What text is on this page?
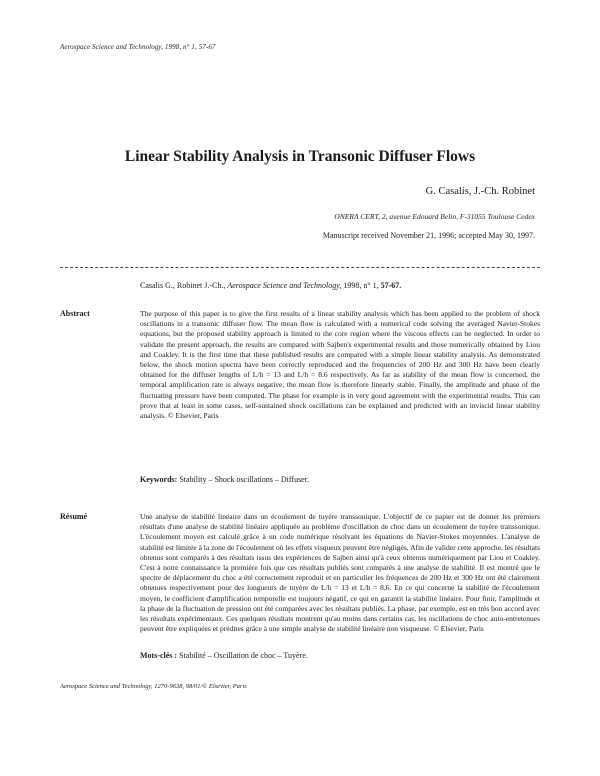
Aerospace Science and Technology, 1998, n° 1, 57-67
Linear Stability Analysis in Transonic Diffuser Flows
G. Casalis, J.-Ch. Robinet
ONERA CERT, 2, avenue Edouard Belin, F-31055 Toulouse Cedex
Manuscript received November 21, 1996; accepted May 30, 1997.
Casalis G., Robinet J.-Ch., Aerospace Science and Technology, 1998, n° 1, 57-67.
Abstract	The purpose of this paper is to give the first results of a linear stability analysis which has been applied to the problem of shock oscillations in a transonic diffuser flow. The mean flow is calculated with a numerical code solving the averaged Navier-Stokes equations, but the proposed stability approach is limited to the core region where the viscous effects can be neglected. In order to validate the present approach, the results are compared with Sajben's experimental results and those numerically obtained by Liou and Coakley. It is the first time that these published results are compared with a simple linear stability analysis. As demonstrated below, the shock motion spectra have been correctly reproduced and the frequencies of 200 Hz and 300 Hz have been clearly obtained for the diffuser lengths of L/h = 13 and L/h = 8.6 respectively. As far as stability of the mean flow is concerned, the temporal amplification rate is always negative, the mean flow is therefore linearly stable. Finally, the amplitude and phase of the fluctuating pressure have been computed. The phase for example is in very good agreement with the experimental results. This can prove that at least in some cases, self-sustained shock oscillations can be explained and predicted with an inviscid linear stability analysis. © Elsevier, Paris

Keywords: Stability – Shock oscillations – Diffuser.
Résumé	Une analyse de stabilité linéaire dans un écoulement de tuyère transsonique. L'objectif de ce papier est de donner les premiers résultats d'une analyse de stabilité linéaire appliquée au problème d'oscillation de choc dans un écoulement de tuyère transsonique. L'écoulement moyen est calculé grâce à un code numérique résolvant les équations de Navier-Stokes moyennées. L'analyse de stabilité est limitée à la zone de l'écoulement où les effets visqueux peuvent être négligés. Afin de valider cette approche, les résultats obtenus sont comparés à des résultats issus des expériences de Sajben ainsi qu'à ceux obtenus numériquement par Liou et Coakley. C'est à notre connaissance la première fois que ces résultats publiés sont comparés à une analyse de stabilité. Il est montré que le spectre de déplacement du choc a été correctement reproduit et en particulier les fréquences de 200 Hz et 300 Hz ont été clairement obtenues respectivement pour des longueurs de tuyère de L/h = 13 et L/h = 8,6. En ce qui concerne la stabilité de l'écoulement moyen, le coefficient d'amplification temporelle est toujours négatif, ce qui en garantit la stabilité linéaire. Pour finir, l'amplitude et la phase de la fluctuation de pression ont été comparées avec les résultats publiés. La phase, par exemple, est en très bon accord avec les résultats expérimentaux. Ces quelques résultats montrent qu'au moins dans certains cas, les oscillations de choc auto-entretenues peuvent être expliquées et prédites grâce à une simple analyse de stabilité linéaire non visqueuse. © Elsevier, Paris

Mots-clés : Stabilité – Oscillation de choc – Tuyère.
Aerospace Science and Technology, 1270-9638, 98/01/© Elsevier, Paris
